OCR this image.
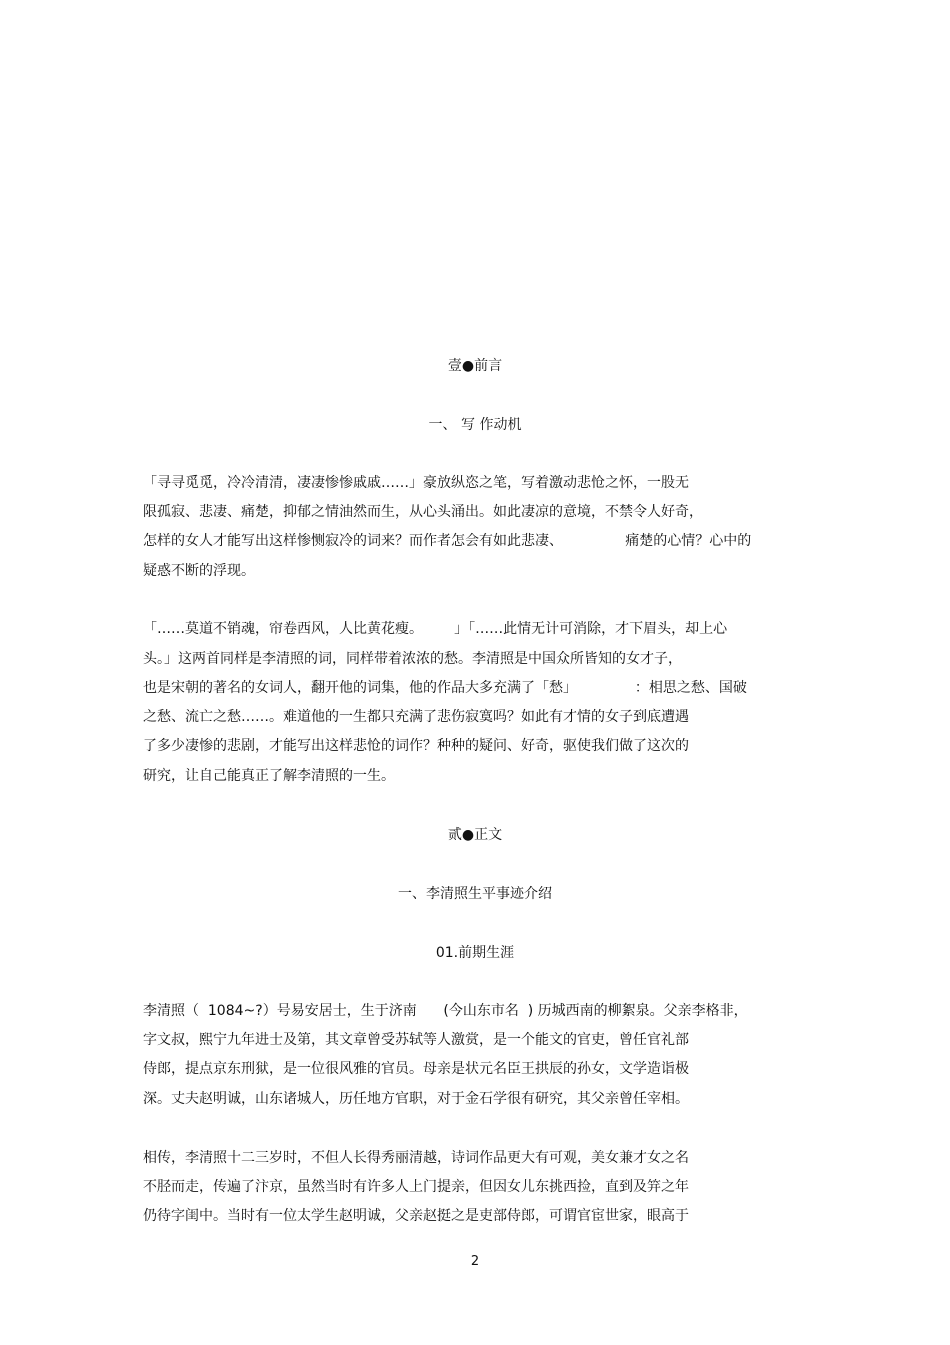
壹●前言
一、 写 作动机
「寻寻觅觅，冷冷清清，凄凄惨惨戚戚……」豪放纵恣之笔，写着激动悲怆之怀，一股无
限孤寂、悲凄、痛楚，抑郁之情油然而生，从心头涌出。如此凄凉的意境，不禁令人好奇，
怎样的女人才能写出这样惨恻寂冷的词来？而作者怎会有如此悲凄、              痛楚的心情？心中的
疑惑不断的浮现。
「……莫道不销魂，帘卷西风，人比黄花瘦。       」「……此情无计可消除，才下眉头，却上心
头。」这两首同样是李清照的词，同样带着浓浓的愁。李清照是中国众所皆知的女才子，
也是宋朝的著名的女词人，翻开他的词集，他的作品大多充满了「愁」             ：相思之愁、国破
之愁、流亡之愁……。难道他的一生都只充满了悲伤寂寞吗？如此有才情的女子到底遭遇
了多少凄惨的悲剧，才能写出这样悲怆的词作？种种的疑问、好奇，驱使我们做了这次的
研究，让自己能真正了解李清照的一生。
贰●正文
一、李清照生平事迹介绍
01.前期生涯
李清照（  1084~?）号易安居士，生于济南      (今山东市名  ) 历城西南的柳絮泉。父亲李格非，
字文叔，熙宁九年进士及第，其文章曾受苏轼等人激赏，是一个能文的官吏，曾任官礼部
侍郎，提点京东刑狱，是一位很风雅的官员。母亲是状元名臣王拱辰的孙女，文学造诣极
深。丈夫赵明诚，山东诸城人，历任地方官职，对于金石学很有研究，其父亲曾任宰相。
相传，李清照十二三岁时，不但人长得秀丽清越，诗词作品更大有可观，美女兼才女之名
不胫而走，传遍了汴京，虽然当时有许多人上门提亲，但因女儿东挑西捡，直到及笄之年
仍待字闺中。当时有一位太学生赵明诚，父亲赵挺之是吏部侍郎，可谓官宦世家，眼高于
2
